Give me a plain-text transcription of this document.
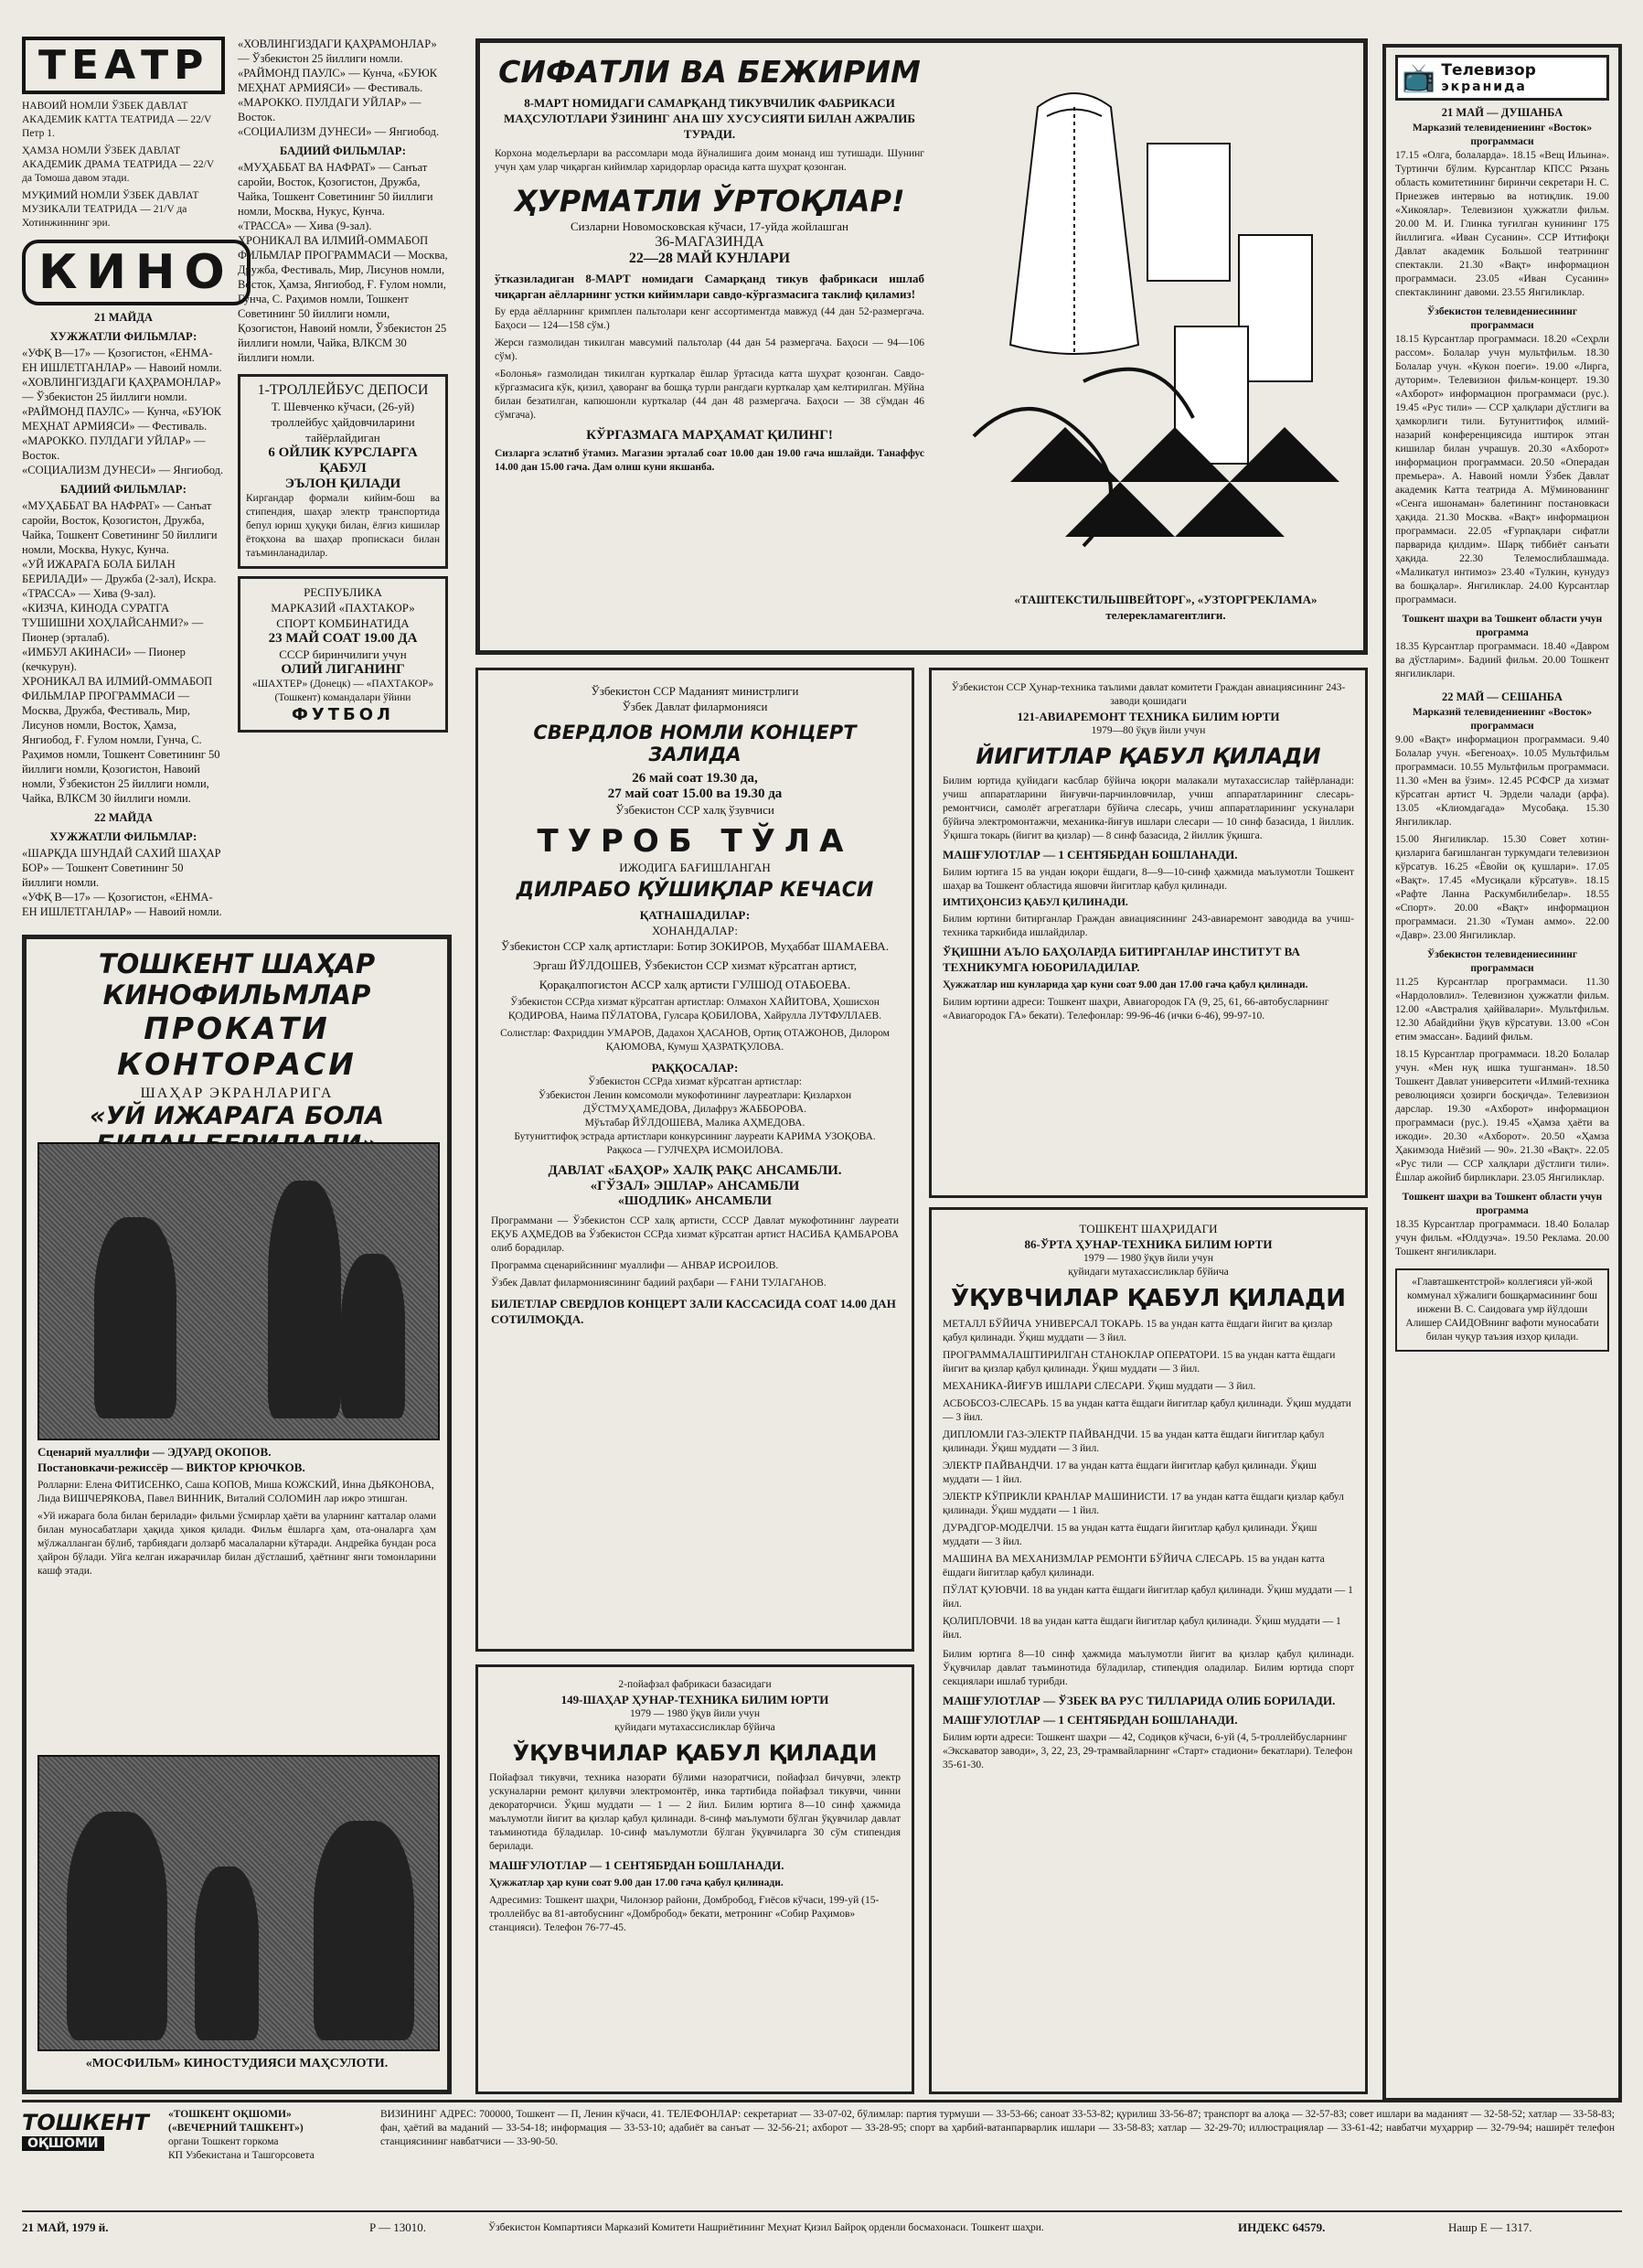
ТЕАТР

НАВОИЙ НОМЛИ ЎЗБЕК ДАВЛАТ АКАДЕМИК КАТТА ТЕАТРИДА — 22/V Петр 1.

ҲАМЗА НОМЛИ ЎЗБЕК ДАВЛАТ АКАДЕМИК ДРАМА ТЕАТРИДА — 22/V да Томоша давом этади.

МУҚИМИЙ НОМЛИ ЎЗБЕК ДАВЛАТ МУЗИКАЛИ ТЕАТРИДА — 21/V да Хотинжиннинг эри.

КИНО
21 МАЙДА
ХУЖЖАТЛИ ФИЛЬМЛАР:
«УФҚ В—17» — Қозогистон, «ЕНМА-ЕН ИШЛЕТГАНЛАР» — Навоий номли.
«ХОВЛИНГИЗДАГИ ҚАҲРАМОНЛАР» — Ўзбекистон 25 йиллиги номли.
«РАЙМОНД ПАУЛС» — Кунча, «БУЮК МЕҲНАТ АРМИЯСИ» — Фестиваль.
«МАРОККО. ПУЛДАГИ УЙЛАР» — Восток.
«СОЦИАЛИЗМ ДУНЕСИ» — Янгиобод.
БАДИИЙ ФИЛЬМЛАР:
«МУҲАББАТ ВА НАФРАТ» — Санъат саройи, Восток, Қозогистон, Дружба, Чайка, Тошкент Советининг 50 йиллиги номли, Москва, Нукус, Кунча.
«УЙ ИЖАРАГА БОЛА БИЛАН БЕРИЛАДИ» — Дружба (2-зал), Искра.
«ТРАССА» — Хива (9-зал).
«КИЗЧА, КИНОДА СУРАТГА ТУШИШНИ ХОҲЛАЙСАНМИ?» — Пионер (эрталаб).
«ИМБУЛ АКИНАСИ» — Пионер (кечкурун).
ХРОНИКАЛ ВА ИЛМИЙ-ОММАБОП ФИЛЬМЛАР ПРОГРАММАСИ — Москва, Дружба, Фестиваль, Мир, Лисунов номли, Восток, Ҳамза, Янгиобод, Ғ. Ғулом номли, Гунча, С. Раҳимов номли, Тошкент Советининг 50 йиллиги номли, Қозогистон, Навоий номли, Ўзбекистон 25 йиллиги номли, Чайка, ВЛКСМ 30 йиллиги номли.
22 МАЙДА
ХУЖЖАТЛИ ФИЛЬМЛАР:
«ШАРҚДА ШУНДАЙ САХИЙ ШАҲАР БОР» — Тошкент Советининг 50 йиллиги номли.
«УФҚ В—17» — Қозогистон, «ЕНМА-ЕН ИШЛЕТГАНЛАР» — Навоий номли.
«ХОВЛИНГИЗДАГИ ҚАҲРАМОНЛАР» — Ўзбекистон 25 йиллиги номли.
«РАЙМОНД ПАУЛС» — Кунча, «БУЮК МЕҲНАТ АРМИЯСИ» — Фестиваль.
«МАРОККО. ПУЛДАГИ УЙЛАР» — Восток.
«СОЦИАЛИЗМ ДУНЕСИ» — Янгиобод.
БАДИИЙ ФИЛЬМЛАР:
«МУҲАББАТ ВА НАФРАТ» — Санъат саройи, Восток, Қозогистон, Дружба, Чайка, Тошкент Советининг 50 йиллиги номли, Москва, Нукус, Кунча.
«ТРАССА» — Хива (9-зал).
ХРОНИКАЛ ВА ИЛМИЙ-ОММАБОП ФИЛЬМЛАР ПРОГРАММАСИ — Москва, Дружба, Фестиваль, Мир, Лисунов номли, Восток, Ҳамза, Янгиобод, Ғ. Ғулом номли, Гунча, С. Раҳимов номли, Тошкент Советининг 50 йиллиги номли, Қозогистон, Навоий номли, Ўзбекистон 25 йиллиги номли, Чайка, ВЛКСМ 30 йиллиги номли.
1-ТРОЛЛЕЙБУС ДЕПОСИ
Т. Шевченко кўчаси, (26-уй)
троллейбус ҳайдовчиларини тайёрлайдиган
6 ОЙЛИК КУРСЛАРГА ҚАБУЛ
ЭЪЛОН ҚИЛАДИ
Киргандар формали кийим-бош ва стипендия, шаҳар электр транспортида бепул юриш ҳуқуқи билан, ёлғиз кишилар ётоқхона ва шаҳар пропискаси билан таъминланадилар.
РЕСПУБЛИКА
МАРКАЗИЙ «ПАХТАКОР»
СПОРТ КОМБИНАТИДА
23 МАЙ СОАТ 19.00 ДА
СССР биринчилиги учун
ОЛИЙ ЛИГАНИНГ
«ШАХТЕР» (Донецк) — «ПАХТАКОР» (Тошкент) командалари ўйини
ФУТБОЛ
ТОШКЕНТ ШАҲАР КИНОФИЛЬМЛАР
ПРОКАТИ КОНТОРАСИ
ШАҲАР ЭКРАНЛАРИГА
«УЙ ИЖАРАГА БОЛА
Сценарий муаллифи — ЭДУАРД ОКОПОВ.
Постановкачи-режиссёр — ВИКТОР КРЮЧКОВ.
Ролларни: Елена ФИТИСЕНКО, Саша КОПОВ, Миша КОЖСКИЙ, Инна ДЬЯКОНОВА, Лида ВИШЧЕРЯКОВА, Павел ВИННИК, Виталий СОЛОМИН лар ижро этишган.
«Уй ижарага бола билан берилади» фильми ўсмирлар ҳаёти ва уларнинг катталар олами билан муносабатлари ҳақида ҳикоя қилади. Фильм ёшларга ҳам, ота-оналарга ҳам мўлжалланган бўлиб, тарбиядаги долзарб масалаларни кўтаради. Андрейка бундан роса ҳайрон бўлади. Уйга келган ижарачилар билан дўстлашиб, ҳаётнинг янги томонларини кашф этади.
«МОСФИЛЬМ» КИНОСТУДИЯСИ МАҲСУЛОТИ.
СИФАТЛИ ВА БЕЖИРИМ
8-МАРТ НОМИДАГИ САМАРҚАНД ТИКУВЧИЛИК ФАБРИКАСИ МАҲСУЛОТЛАРИ ЎЗИНИНГ АНА ШУ ХУСУСИЯТИ БИЛАН АЖРАЛИБ ТУРАДИ.
Корхона моделъерлари ва рассомлари мода йўналишига доим монанд иш тутишади. Шунинг учун ҳам улар чиқарган кийимлар харидорлар орасида катта шуҳрат қозонган.
ҲУРМАТЛИ ЎРТОҚЛАР!
Сизларни Новомосковская кўчаси, 17-уйда жойлашган
36-МАГАЗИНДА
22—28 МАЙ КУНЛАРИ
ўтказиладиган 8-МАРТ номидаги Самарқанд тикув фабрикаси ишлаб чиқарган аёлларнинг устки кийимлари савдо-кўргазмасига таклиф қиламиз!
Бу ерда аёлларнинг кримплен пальтолари кенг ассортиментда мавжуд (44 дан 52-размергача. Баҳоси — 124—158 сўм.)
Жерси газмолидан тикилган мавсумий пальтолар (44 дан 54 размергача. Баҳоси — 94—106 сўм).
«Болонья» газмолидан тикилган курткалар ёшлар ўртасида катта шуҳрат қозонган. Савдо-кўргазмасига кўк, қизил, ҳаворанг ва бошқа турли рангдаги курткалар ҳам келтирилган. Мўйна билан безатилган, капюшонли курткалар (44 дан 48 размергача. Баҳоси — 38 сўмдан 46 сўмгача).
КЎРГАЗМАГА МАРҲАМАТ ҚИЛИНГ!
Сизларга эслатиб ўтамиз. Магазин эрталаб соат 10.00 дан 19.00 гача ишлайди. Танаффус 14.00 дан 15.00 гача. Дам олиш куни якшанба.
«ТАШТЕКСТИЛЬШВЕЙТОРГ», «УЗТОРГРЕКЛАМА» телерекламагентлиги.
Ўзбекистон ССР Маданият министрлиги
Ўзбек Давлат филармонияси
СВЕРДЛОВ НОМЛИ КОНЦЕРТ ЗАЛИДА
26 май соат 19.30 да,
27 май соат 15.00 ва 19.30 да
Ўзбекистон ССР халқ ўзувчиси
ТУРОБ ТЎЛА
ИЖОДИГА БАҒИШЛАНГАН
ДИЛРАБО ҚЎШИҚЛАР КЕЧАСИ
ҚАТНАШАДИЛАР:
ХОНАНДАЛАР:
Ўзбекистон ССР халқ артистлари: Ботир ЗОКИРОВ, Муҳаббат ШАМАЕВА.
Эргаш ЙЎЛДОШЕВ, Ўзбекистон ССР хизмат кўрсатган артист,
Қорақалпогистон АССР халқ артисти ГУЛШОД ОТАБОЕВА.
Ўзбекистон ССРда хизмат кўрсатган артистлар: Олмахон ХАЙИТОВА, Ҳошисхон ҚОДИРОВА, Наима ПЎЛАТОВА, Гулсара ҚОБИЛОВА, Хайрулла ЛУТФУЛЛАЕВ.
Солистлар: Фахриддин УМАРОВ, Дадахон ҲАСАНОВ, Ортиқ ОТАЖОНОВ, Дилором ҚАЮМОВА, Кумуш ҲАЗРАТҚУЛОВА.
РАҚҚОСАЛАР:
Ўзбекистон ССРда хизмат кўрсатган артистлар:
Ўзбекистон Ленин комсомоли мукофотининг лауреатлари: Қизларxон ДЎСТМУҲАМЕДОВА, Дилафруз ЖАББОРОВА.
Мўътабар ЙЎЛДОШЕВА, Малика АҲМЕДОВА.
Бутуниттифоқ эстрада артистлари конкурсининг лауреати КАРИМА УЗОҚОВА.
Рақкоса — ГУЛЧЕҲРА ИСМОИЛОВА.
ДАВЛАТ «БАҲОР» ХАЛҚ РАҚС АНСАМБЛИ.
«ГЎЗАЛ» ЭШЛАР» АНСАМБЛИ
«ШОДЛИК» АНСАМБЛИ
Программани — Ўзбекистон ССР халқ артисти, СССР Давлат мукофотининг лауреати ЕҚУБ АҲМЕДОВ ва Ўзбекистон ССРда хизмат кўрсатган артист НАСИБА ҚАМБАРОВА олиб борадилар.
Программа сценарийсининг муаллифи — АНВАР ИСРОИЛОВ.
Ўзбек Давлат филармониясининг бадиий раҳбари — ҒАНИ ТУЛАГАНОВ.
БИЛЕТЛАР СВЕРДЛОВ КОНЦЕРТ ЗАЛИ КАССАСИДА СОАТ 14.00 ДАН СОТИЛМОҚДА.
2-пойафзал фабрикаси базасидаги
149-ШАҲАР ҲУНАР-ТЕХНИКА БИЛИМ ЮРТИ
1979 — 1980 ўқув йили учун
қуйидаги мутахассисликлар бўйича
ЎҚУВЧИЛАР ҚАБУЛ ҚИЛАДИ
Пойафзал тикувчи, техника назорати бўлими назоратчиси, пойафзал бичувчи, электр ускуналарни ремонт қилувчи электромонтёр, инка тартибида пойафзал тикувчи, чинни декораторчиси. Ўқиш муддати — 1 — 2 йил. Билим юртига 8—10 синф ҳажмида маълумотли йигит ва қизлар қабул қилинади. 8-синф маълумоти бўлган ўқувчилар давлат таъминотида бўладилар. 10-синф маълумотли бўлган ўқувчиларга 30 сўм стипендия берилади.
МАШҒУЛОТЛАР — 1 СЕНТЯБРДАН БОШЛАНАДИ.
Ҳужжатлар ҳар куни соат 9.00 дан 17.00 гача қабул қилинади.
Адресимиз: Тошкент шаҳри, Чилонзор райони, Домбробод, Ғиёсов кўчаси, 199-уй (15-троллейбус ва 81-автобуснинг «Домбробод» бекати, метронинг «Собир Раҳимов» станцияси). Телефон 76-77-45.
Ўзбекистон ССР Ҳунар-техника таълими давлат комитети Граждан авиациясининг 243-заводи қошидаги
121-АВИАРЕМОНТ ТЕХНИКА БИЛИМ ЮРТИ
1979—80 ўқув йили учун
ЙИГИТЛАР ҚАБУЛ ҚИЛАДИ
Билим юртида қуйидаги касблар бўйича юқори малакали мутахассислар тайёрланади: учиш аппаратларини йиғувчи-парчинловчилар, учиш аппаратларининг слесарь-ремонтчиси, самолёт агрегатлари бўйича слесарь, учиш аппаратларининг ускуналари бўйича электромонтажчи, механика-йиғув ишлари слесари — 10 синф базасида, 1 йиллик. Ўқишга токарь (йигит ва қизлар) — 8 синф базасида, 2 йиллик ўқишга.
МАШҒУЛОТЛАР — 1 СЕНТЯБРДАН БОШЛАНАДИ.
Билим юртига 15 ва ундан юқори ёшдаги, 8—9—10-синф ҳажмида маълумотли Тошкент шаҳар ва Тошкент областида яшовчи йигитлар қабул қилинади.
ИМТИҲОНСИЗ ҚАБУЛ ҚИЛИНАДИ.
Билим юртини битирганлар Граждан авиациясининг 243-авиаремонт заводида ва учиш-техника таркибида ишлайдилар.
ЎҚИШНИ АЪЛО БАҲОЛАРДА БИТИРГАНЛАР ИНСТИТУТ ВА ТЕХНИКУМГА ЮБОРИЛАДИЛАР.
Ҳужжатлар иш кунларида ҳар куни соат 9.00 дан 17.00 гача қабул қилинади.
Билим юртини адреси: Тошкент шаҳри, Авиагородок ГА (9, 25, 61, 66-автобусларнинг «Авиагородок ГА» бекати). Телефонлар: 99-96-46 (ички 6-46), 99-97-10.
ТОШКЕНТ ШАҲРИДАГИ
86-ЎРТА ҲУНАР-ТЕХНИКА БИЛИМ ЮРТИ
1979 — 1980 ўқув йили учун
қуйидаги мутахассисликлар бўйича
ЎҚУВЧИЛАР ҚАБУЛ ҚИЛАДИ
МЕТАЛЛ БЎЙИЧА УНИВЕРСАЛ ТОКАРЬ. 15 ва ундан катта ёшдаги йигит ва қизлар қабул қилинади. Ўқиш муддати — 3 йил.
ПРОГРАММАЛАШТИРИЛГАН СТАНОКЛАР ОПЕРАТОРИ. 15 ва ундан катта ёшдаги йигит ва қизлар қабул қилинади. Ўқиш муддати — 3 йил.
МЕХАНИКА-ЙИҒУВ ИШЛАРИ СЛЕСАРИ. Ўқиш муддати — 3 йил.
АСБОБСОЗ-СЛЕСАРЬ. 15 ва ундан катта ёшдаги йигитлар қабул қилинади. Ўқиш муддати — 3 йил.
ДИПЛОМЛИ ГАЗ-ЭЛЕКТР ПАЙВАНДЧИ. 15 ва ундан катта ёшдаги йигитлар қабул қилинади. Ўқиш муддати — 3 йил.
ЭЛЕКТР ПАЙВАНДЧИ. 17 ва ундан катта ёшдаги йигитлар қабул қилинади. Ўқиш муддати — 1 йил.
ЭЛЕКТР КЎПРИКЛИ КРАНЛАР МАШИНИСТИ. 17 ва ундан катта ёшдаги қизлар қабул қилинади. Ўқиш муддати — 1 йил.
ДУРАДГОР-МОДЕЛЧИ. 15 ва ундан катта ёшдаги йигитлар қабул қилинади. Ўқиш муддати — 3 йил.
МАШИНА ВА МЕХАНИЗМЛАР РЕМОНТИ БЎЙИЧА СЛЕСАРЬ. 15 ва ундан катта ёшдаги йигитлар қабул қилинади.
ПЎЛАТ ҚУЮВЧИ. 18 ва ундан катта ёшдаги йигитлар қабул қилинади. Ўқиш муддати — 1 йил.
ҚОЛИПЛОВЧИ. 18 ва ундан катта ёшдаги йигитлар қабул қилинади. Ўқиш муддати — 1 йил.
Билим юртига 8—10 синф ҳажмида маълумотли йигит ва қизлар қабул қилинади. Ўқувчилар давлат таъминотида бўладилар, стипендия оладилар. Билим юртида спорт секциялари ишлаб турибди.
МАШҒУЛОТЛАР — ЎЗБЕК ВА РУС ТИЛЛАРИДА ОЛИБ БОРИЛАДИ.
МАШҒУЛОТЛАР — 1 СЕНТЯБРДАН БОШЛАНАДИ.
Билим юрти адреси: Тошкент шаҳри — 42, Содиқов кўчаси, 6-уй (4, 5-троллейбусларнинг «Экскаватор заводи», 3, 22, 23, 29-трамвайларнинг «Старт» стадиони» бекатлари). Телефон 35-61-30.
📺 Телевизор
экранида
21 МАЙ — ДУШАНБА
Марказий телевидениенинг «Восток» программаси
17.15 «Олга, болаларда». 18.15 «Вещ Ильина». Туртинчи бўлим. Курсантлар КПСС Рязань область комитетининг биринчи секретари Н. С. Приезжев интервью ва нотиқлик. 19.00 «Хикоялар». Телевизион ҳужжатли фильм. 20.00 М. И. Глинка туғилган кунининг 175 йиллигига. «Иван Сусанин». ССР Иттифоқи Давлат академик Большой театрининг спектакли. 21.30 «Вақт» информацион программаси. 23.05 «Иван Сусанин» спектаклининг давоми. 23.55 Янгиликлар.
Ўзбекистон телевидениесининг программаси
18.15 Курсантлар программаси. 18.20 «Сеҳрли рассом». Болалар учун мультфильм. 18.30 Болалар учун. «Кукон поеги». 19.00 «Лирга, дуторим». Телевизион фильм-концерт. 19.30 «Ахборот» информацион программаси (рус.). 19.45 «Рус тили» — ССР ҳалқлари дўстлиги ва ҳамкорлиги тили. Бутуниттифоқ илмий-назарий конференциясида иштирок этган кишилар билан учрашув. 20.30 «Ахборот» информацион программаси. 20.50 «Операдан премьера». А. Навоий номли Ўзбек Давлат академик Катта театрида А. Мўминованинг «Сенга ишонаман» балетининг постановкаси ҳақида. 21.30 Москва. «Вақт» информацион программаси. 22.05 «Ғурпақлари сифатли парварида қилдим». Шарқ тиббиёт санъати ҳақида. 22.30 Телемослиблашмада. «Маликатул интимоз» 23.40 «Тулкин, кунудуз ва бошқалар». Янгиликлар. 24.00 Курсантлар программаси.
Тошкент шаҳри ва Тошкент области учун программа
18.35 Курсантлар программаси. 18.40 «Давром ва дўстларим». Бадиий фильм. 20.00 Тошкент янгиликлари.
22 МАЙ — СЕШАНБА
Марказий телевидениенинг «Восток» программаси
9.00 «Вақт» информацион программаси. 9.40 Болалар учун. «Бегеноаҳ». 10.05 Мультфильм программаси. 10.55 Мультфильм программаси. 11.30 «Мен ва ўзим». 12.45 РСФСР да хизмат кўрсатган артист Ч. Эрдели чалади (арфа). 13.05 «Клиомдагада» Мусобақа. 15.30 Янгиликлар.
15.00 Янгиликлар. 15.30 Совет хотин-қизларига бағишланган туркумдаги телевизион кўрсатув. 16.25 «Ёвойи оқ қушлари». 17.05 «Вақт». 17.45 «Мусиқали кўрсатув». 18.15 «Рафте Ланна Раскумбилибелар». 18.55 «Спорт». 20.00 «Вақт» информацион программаси. 21.30 «Туман аммо». 22.00 «Давр». 23.00 Янгиликлар.
Ўзбекистон телевидениесининг программаси
11.25 Курсантлар программаси. 11.30 «Нардоловлил». Телевизион ҳужжатли фильм. 12.00 «Австралия ҳаййвалари». Мультфильм. 12.30 Абайдийни ўқув кўрсатуви. 13.00 «Сон етим эмассан». Бадиий фильм.
18.15 Курсантлар программаси. 18.20 Болалар учун. «Мен нуқ ишка тушганман». 18.50 Тошкент Давлат университети «Илмий-техника революцияси ҳозирги босқичда». Телевизион дарслар. 19.30 «Ахборот» информацион программаси (рус.). 19.45 «Ҳамза ҳаёти ва ижоди». 20.30 «Ахборот». 20.50 «Ҳамза Ҳакимзода Ниёзий — 90». 21.30 «Вақт». 22.05 «Рус тили — ССР халқлари дўстлиги тили». Ёшлар ажойиб бирликлари. 23.05 Янгиликлар.
Тошкент шаҳри ва Тошкент области учун программа
18.35 Курсантлар программаси. 18.40 Болалар учун фильм. «Юлдузча». 19.50 Реклама. 20.00 Тошкент янгиликлари.
«Главташкентстрой» коллегияси уй-жой коммунал хўжалиги бошқармасининг бош инжени В. С. Саидовага умр йўлдоши Алишер САИДОВнинг вафоти муносабати билан чуқур таъзия изҳор қилади.
ТОШКЕНТ
ОҚШОМИ
«ТОШКЕНТ ОҚШОМИ»
(«ВЕЧЕРНИЙ ТАШКЕНТ»)
органи Тошкент горкома
КП Узбекистана и Ташгорсовета
ВИЗИНИНГ АДРЕС: 700000, Тошкент — П, Ленин кўчаси, 41. ТЕЛЕФОНЛАР: секретариат — 33-07-02, бўлимлар: партия турмуши — 33-53-66; саноат 33-53-82; қурилиш 33-56-87; транспорт ва алоқа — 32-57-83; совет ишлари ва маданият — 32-58-52; хатлар — 33-58-83; фан, ҳаётий ва маданий — 33-54-18; информация — 33-53-10; адабиёт ва санъат — 32-56-21; ахборот — 33-28-95; спорт ва ҳарбий-ватанпарварлик ишлари — 33-58-83; хатлар — 32-29-70; иллюстрациялар — 33-61-42; навбатчи муҳаррир — 32-79-94; наширёт телефон станциясининг навбатчиси — 33-90-50.
21 МАЙ, 1979 й.	P — 13010.	Ўзбекистон Компартияси Марказий Комитети Нашриётининг Меҳнат Қизил Байроқ орденли босмахонаси. Тошкент шаҳри.	ИНДЕКС 64579.	Нашр Е — 1317.
